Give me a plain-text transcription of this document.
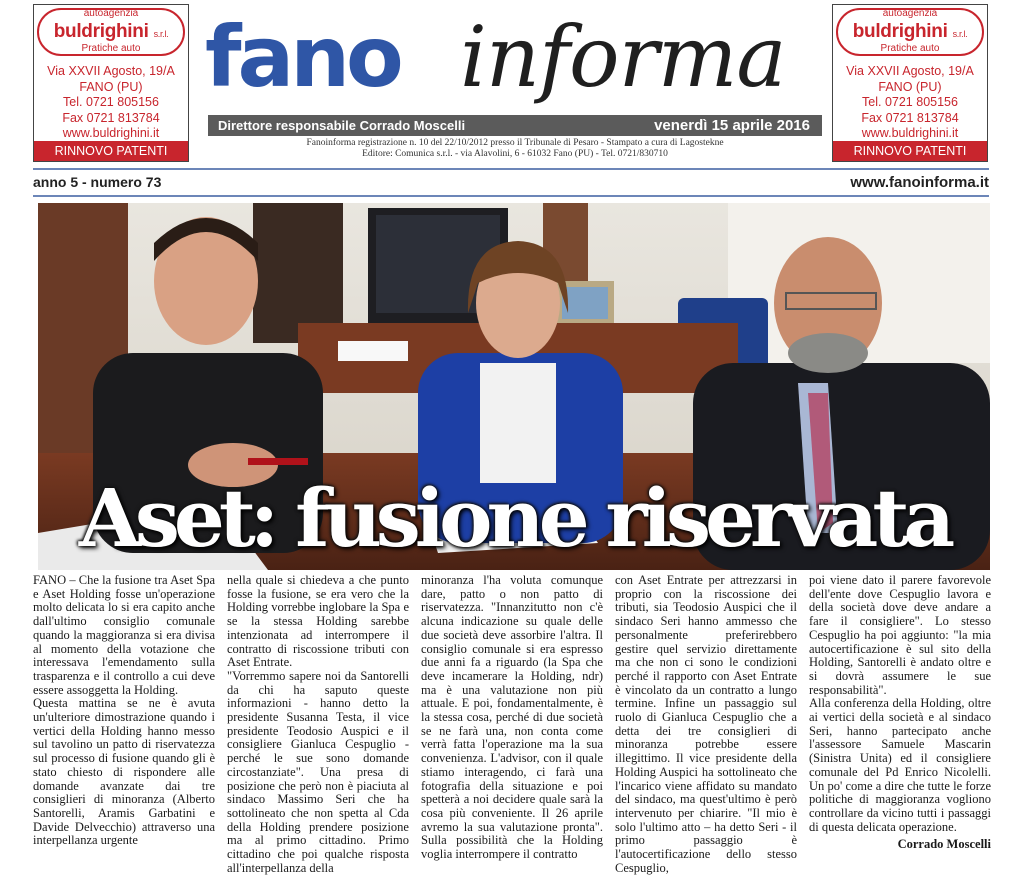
autoagenzia
buldrighini s.r.l.
Pratiche auto
Via XXVII Agosto, 19/A
FANO (PU)
Tel. 0721 805156
Fax 0721 813784
www.buldrighini.it
RINNOVO PATENTI
autoagenzia
buldrighini s.r.l.
Pratiche auto
Via XXVII Agosto, 19/A
FANO (PU)
Tel. 0721 805156
Fax 0721 813784
www.buldrighini.it
RINNOVO PATENTI
fano informa
Direttore responsabile Corrado Moscelli	venerdì 15 aprile 2016
Fanoinforma registrazione n. 10 del 22/10/2012 presso il Tribunale di Pesaro - Stampato a cura di Lagostekne
Editore: Comunica s.r.l. - via Alavolini, 6 - 61032 Fano (PU) - Tel. 0721/830710
anno 5 - numero 73	www.fanoinforma.it
Aset: fusione riservata

FANO – Che la fusione tra Aset Spa e Aset Holding fosse un'operazione molto delicata lo si era capito anche dall'ultimo consiglio comunale quando la maggioranza si era divisa al momento della votazione che interessava l'emendamento sulla trasparenza e il controllo a cui deve essere assoggetta la Holding.

Questa mattina se ne è avuta un'ulteriore dimostrazione quando i vertici della Holding hanno messo sul tavolino un patto di riservatezza sul processo di fusione quando gli è stato chiesto di rispondere alle domande avanzate dai tre consiglieri di minoranza (Alberto Santorelli, Aramis Garbatini e Davide Delvecchio) attraverso una interpellanza urgente

nella quale si chiedeva a che punto fosse la fusione, se era vero che la Holding vorrebbe inglobare la Spa e se la stessa Holding sarebbe intenzionata ad interrompere il contratto di riscossione tributi con Aset Entrate.

"Vorremmo sapere noi da Santorelli da chi ha saputo queste informazioni - hanno detto la presidente Susanna Testa, il vice presidente Teodosio Auspici e il consigliere Gianluca Cespuglio - perché le sue sono domande circostanziate". Una presa di posizione che però non è piaciuta al sindaco Massimo Seri che ha sottolineato che non spetta al Cda della Holding prendere posizione ma al primo cittadino. Primo cittadino che poi qualche risposta all'interpellanza della

minoranza l'ha voluta comunque dare, patto o non patto di riservatezza. "Innanzitutto non c'è alcuna indicazione su quale delle due società deve assorbire l'altra. Il consiglio comunale si era espresso due anni fa a riguardo (la Spa che deve incamerare la Holding, ndr) ma è una valutazione non più attuale. E poi, fondamentalmente, è la stessa cosa, perché di due società se ne farà una, non conta come verrà fatta l'operazione ma la sua convenienza. L'advisor, con il quale stiamo interagendo, ci farà una fotografia della situazione e poi spetterà a noi decidere quale sarà la cosa più conveniente. Il 26 aprile avremo la sua valutazione pronta". Sulla possibilità che la Holding voglia interrompere il contratto

con Aset Entrate per attrezzarsi in proprio con la riscossione dei tributi, sia Teodosio Auspici che il sindaco Seri hanno ammesso che personalmente preferirebbero gestire quel servizio direttamente ma che non ci sono le condizioni perché il rapporto con Aset Entrate è vincolato da un contratto a lungo termine. Infine un passaggio sul ruolo di Gianluca Cespuglio che a detta dei tre consiglieri di minoranza potrebbe essere illegittimo. Il vice presidente della Holding Auspici ha sottolineato che l'incarico viene affidato su mandato del sindaco, ma quest'ultimo è però intervenuto per chiarire. "Il mio è solo l'ultimo atto – ha detto Seri - il primo passaggio è l'autocertificazione dello stesso Cespuglio,

poi viene dato il parere favorevole dell'ente dove Cespuglio lavora e della società dove deve andare a fare il consigliere". Lo stesso Cespuglio ha poi aggiunto: "la mia autocertificazione è sul sito della Holding, Santorelli è andato oltre e si dovrà assumere le sue responsabilità".

Alla conferenza della Holding, oltre ai vertici della società e al sindaco Seri, hanno partecipato anche l'assessore Samuele Mascarin (Sinistra Unita) ed il consigliere comunale del Pd Enrico Nicolelli. Un po' come a dire che tutte le forze politiche di maggioranza vogliono controllare da vicino tutti i passaggi di questa delicata operazione.

Corrado Moscelli
